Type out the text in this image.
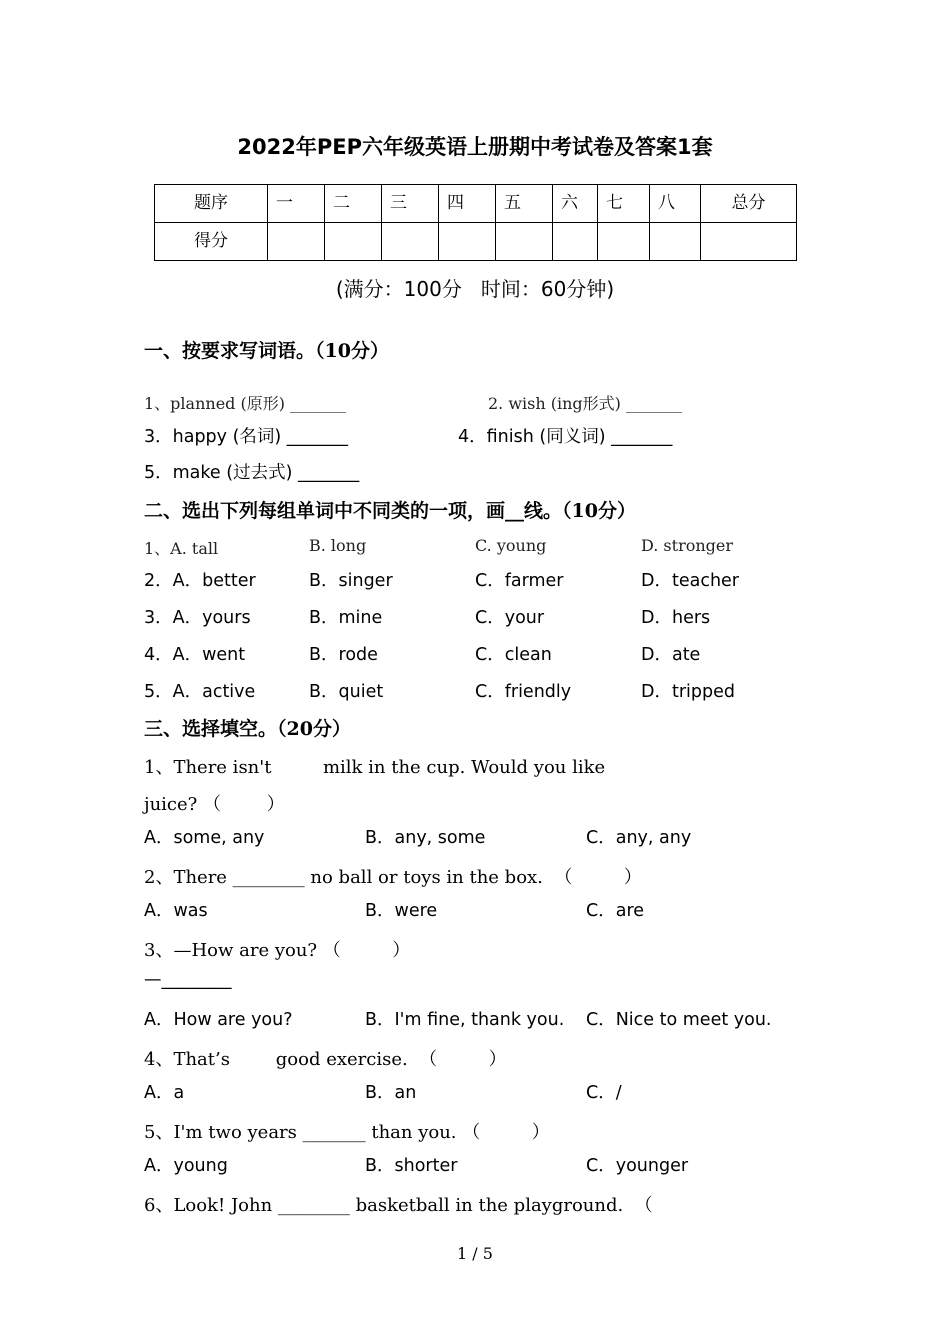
2022年PEP六年级英语上册期中考试卷及答案1套
题序	一	二	三	四	五	六	七	八	总分

得分									

(满分：100分   时间：60分钟)
一、按要求写词语。（10分）
1、planned (原形) _______	2. wish (ing形式) _______
3．happy (名词) _______	4．finish (同义词) _______
5．make (过去式) _______
二、选出下列每组单词中不同类的一项，画__线。（10分）
1、A. tall	B. long	C. young	D. stronger
2．A．better	B．singer	C．farmer	D．teacher
3．A．yours	B．mine	C．your	D．hers
4．A．went	B．rode	C．clean	D．ate
5．A．active	B．quiet	C．friendly	D．tripped
三、选择填空。（20分）
1、There isn't         milk in the cup. Would you like
juice? （        ）
A．some, any	B．any, some	C．any, any
2、There ________ no ball or toys in the box.  （         ）
A．was	B．were	C．are
3、—How are you? （         ）
—________
A．How are you?	B．I'm fine, thank you. C．Nice to meet you.
4、That’s        good exercise.  （         ）
A．a	B．an	C．/
5、I'm two years _______ than you. （         ）
A．young	B．shorter	C．younger
6、Look! John ________ basketball in the playground.  （
1 / 5
